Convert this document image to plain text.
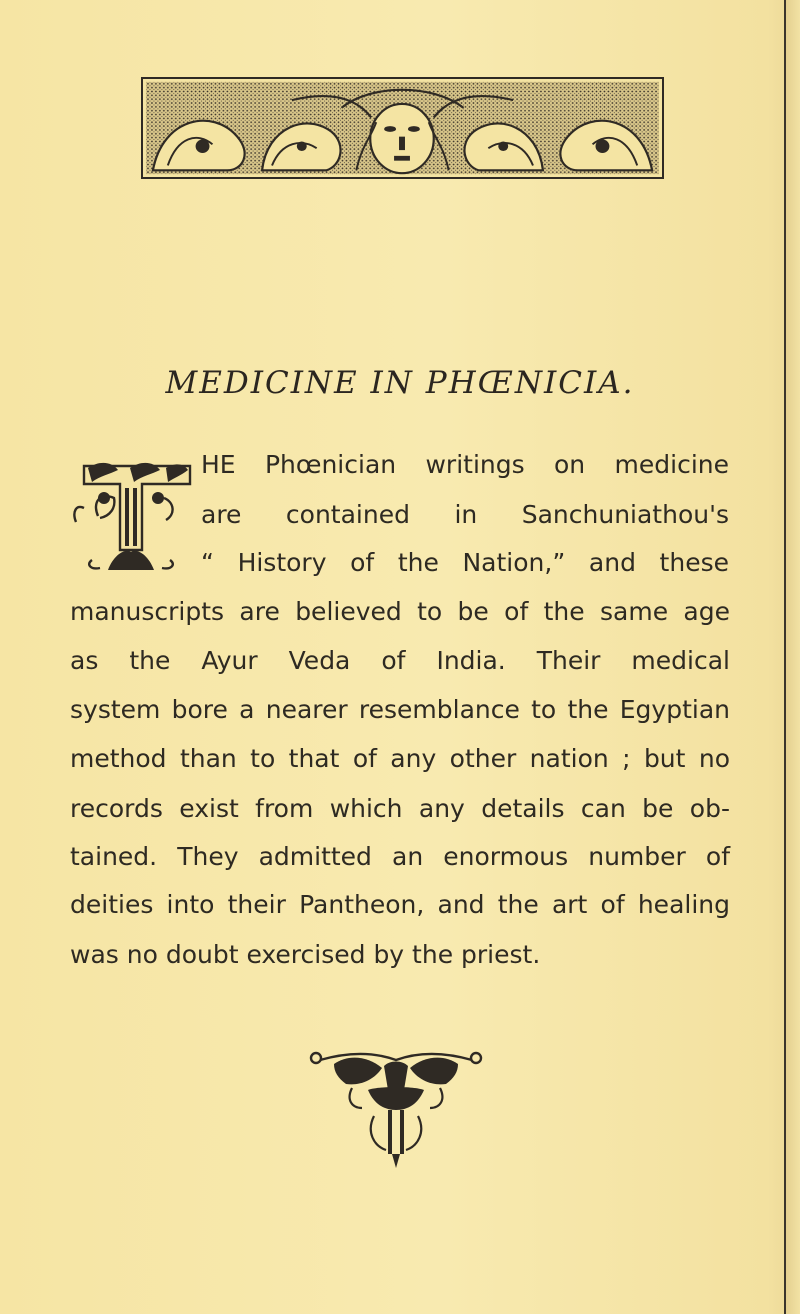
MEDICINE IN PHŒNICIA.
HE Phœnician writings on medicine
are contained in Sanchuniathou's
“ History of the Nation,” and these
manuscripts are believed to be of the same age
as the Ayur Veda of India. Their medical
system bore a nearer resemblance to the Egyptian
method than to that of any other nation ; but no
records exist from which any details can be ob-
tained. They admitted an enormous number of
deities into their Pantheon, and the art of healing
was no doubt exercised by the priest.
